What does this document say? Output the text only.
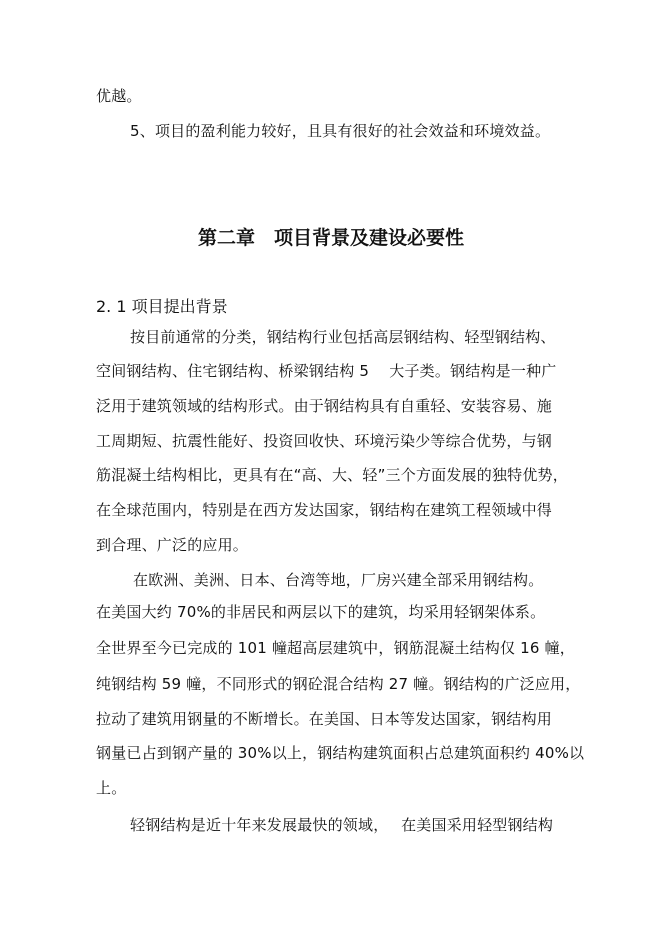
优越。
5、项目的盈利能力较好，且具有很好的社会效益和环境效益。
第二章　项目背景及建设必要性
2. 1 项目提出背景
按目前通常的分类，钢结构行业包括高层钢结构、轻型钢结构、
空间钢结构、住宅钢结构、桥梁钢结构 5　 大子类。钢结构是一种广
泛用于建筑领域的结构形式。由于钢结构具有自重轻、安装容易、施
工周期短、抗震性能好、投资回收快、环境污染少等综合优势，与钢
筋混凝土结构相比，更具有在“高、大、轻”三个方面发展的独特优势，
在全球范围内，特别是在西方发达国家，钢结构在建筑工程领域中得
到合理、广泛的应用。
在欧洲、美洲、日本、台湾等地，厂房兴建全部采用钢结构。
在美国大约 70%的非居民和两层以下的建筑，均采用轻钢架体系。
全世界至今已完成的 101 幢超高层建筑中，钢筋混凝土结构仅 16 幢，
纯钢结构 59 幢，不同形式的钢砼混合结构 27 幢。钢结构的广泛应用，
拉动了建筑用钢量的不断增长。在美国、日本等发达国家，钢结构用
钢量已占到钢产量的 30%以上，钢结构建筑面积占总建筑面积约 40%以
上。
轻钢结构是近十年来发展最快的领域，　 在美国采用轻型钢结构
